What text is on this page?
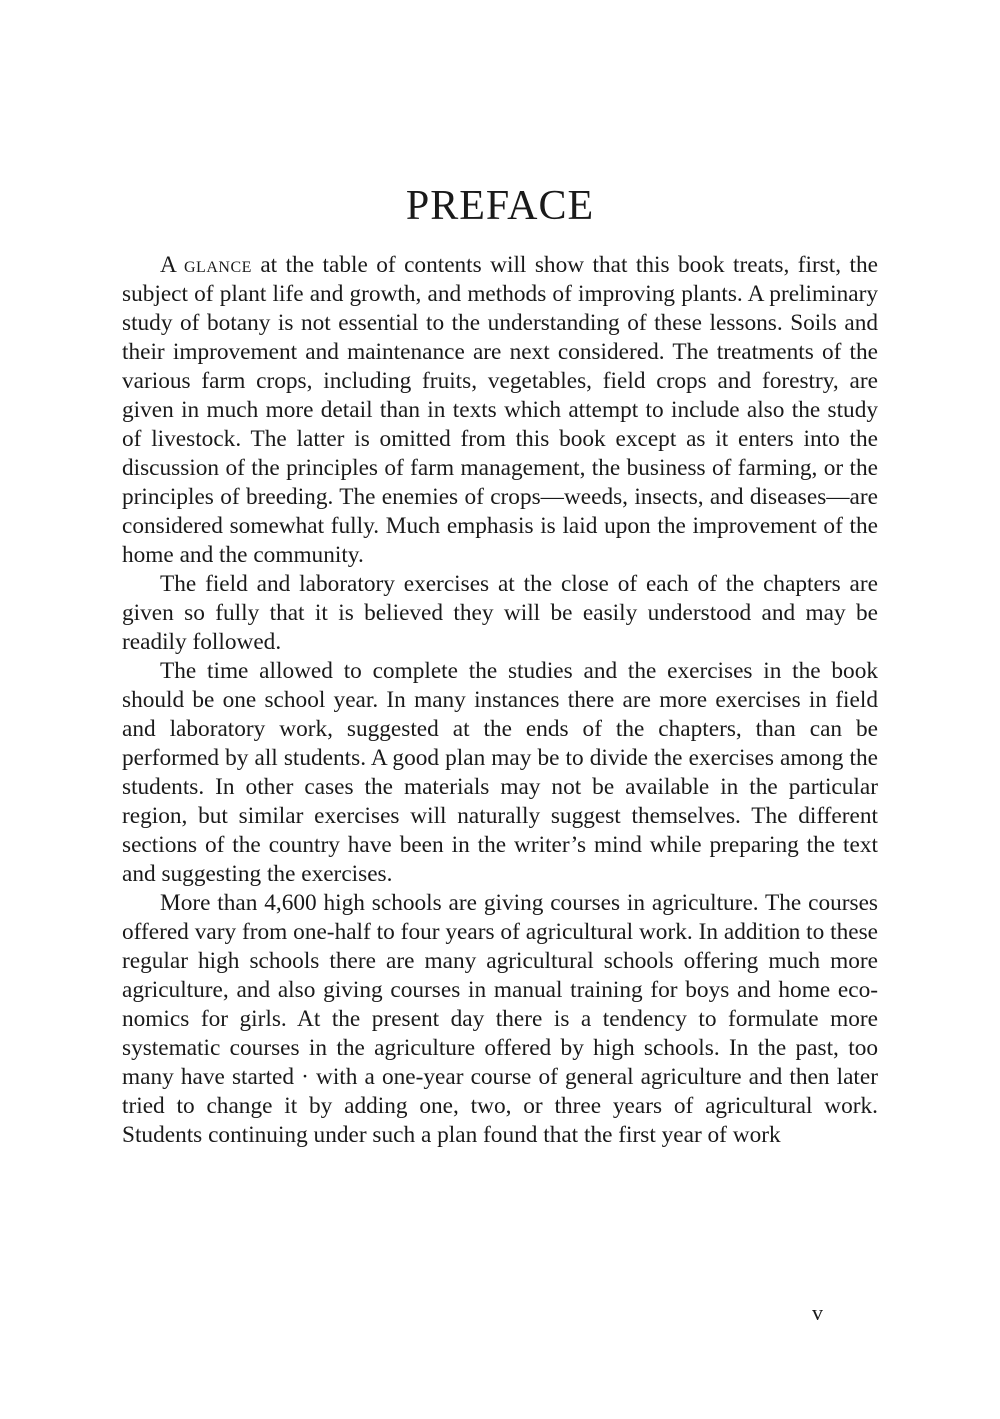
PREFACE

A glance at the table of contents will show that this book treats, first, the subject of plant life and growth, and methods of improving plants. A preliminary study of botany is not essential to the understanding of these lessons. Soils and their improvement and maintenance are next considered. The treatments of the various farm crops, including fruits, vegetables, field crops and forestry, are given in much more detail than in texts which attempt to include also the study of livestock. The latter is omitted from this book except as it enters into the discussion of the principles of farm management, the business of farming, or the principles of breeding. The enemies of crops—weeds, insects, and diseases—are considered somewhat fully. Much emphasis is laid upon the improvement of the home and the community.

The field and laboratory exercises at the close of each of the chapters are given so fully that it is believed they will be easily understood and may be readily followed.

The time allowed to complete the studies and the exercises in the book should be one school year. In many instances there are more exercises in field and laboratory work, suggested at the ends of the chapters, than can be performed by all students. A good plan may be to divide the exercises among the students. In other cases the materials may not be available in the particular region, but similar exercises will naturally suggest themselves. The different sections of the country have been in the writer’s mind while preparing the text and suggesting the exercises.

More than 4,600 high schools are giving courses in agriculture. The courses offered vary from one-half to four years of agricultural work. In addition to these regular high schools there are many agricultural schools offering much more agriculture, and also giving courses in manual training for boys and home economics for girls. At the present day there is a tendency to formulate more systematic courses in the agriculture offered by high schools. In the past, too many have started · with a one-year course of general agriculture and then later tried to change it by adding one, two, or three years of agricultural work. Students continuing under such a plan found that the first year of work

v
